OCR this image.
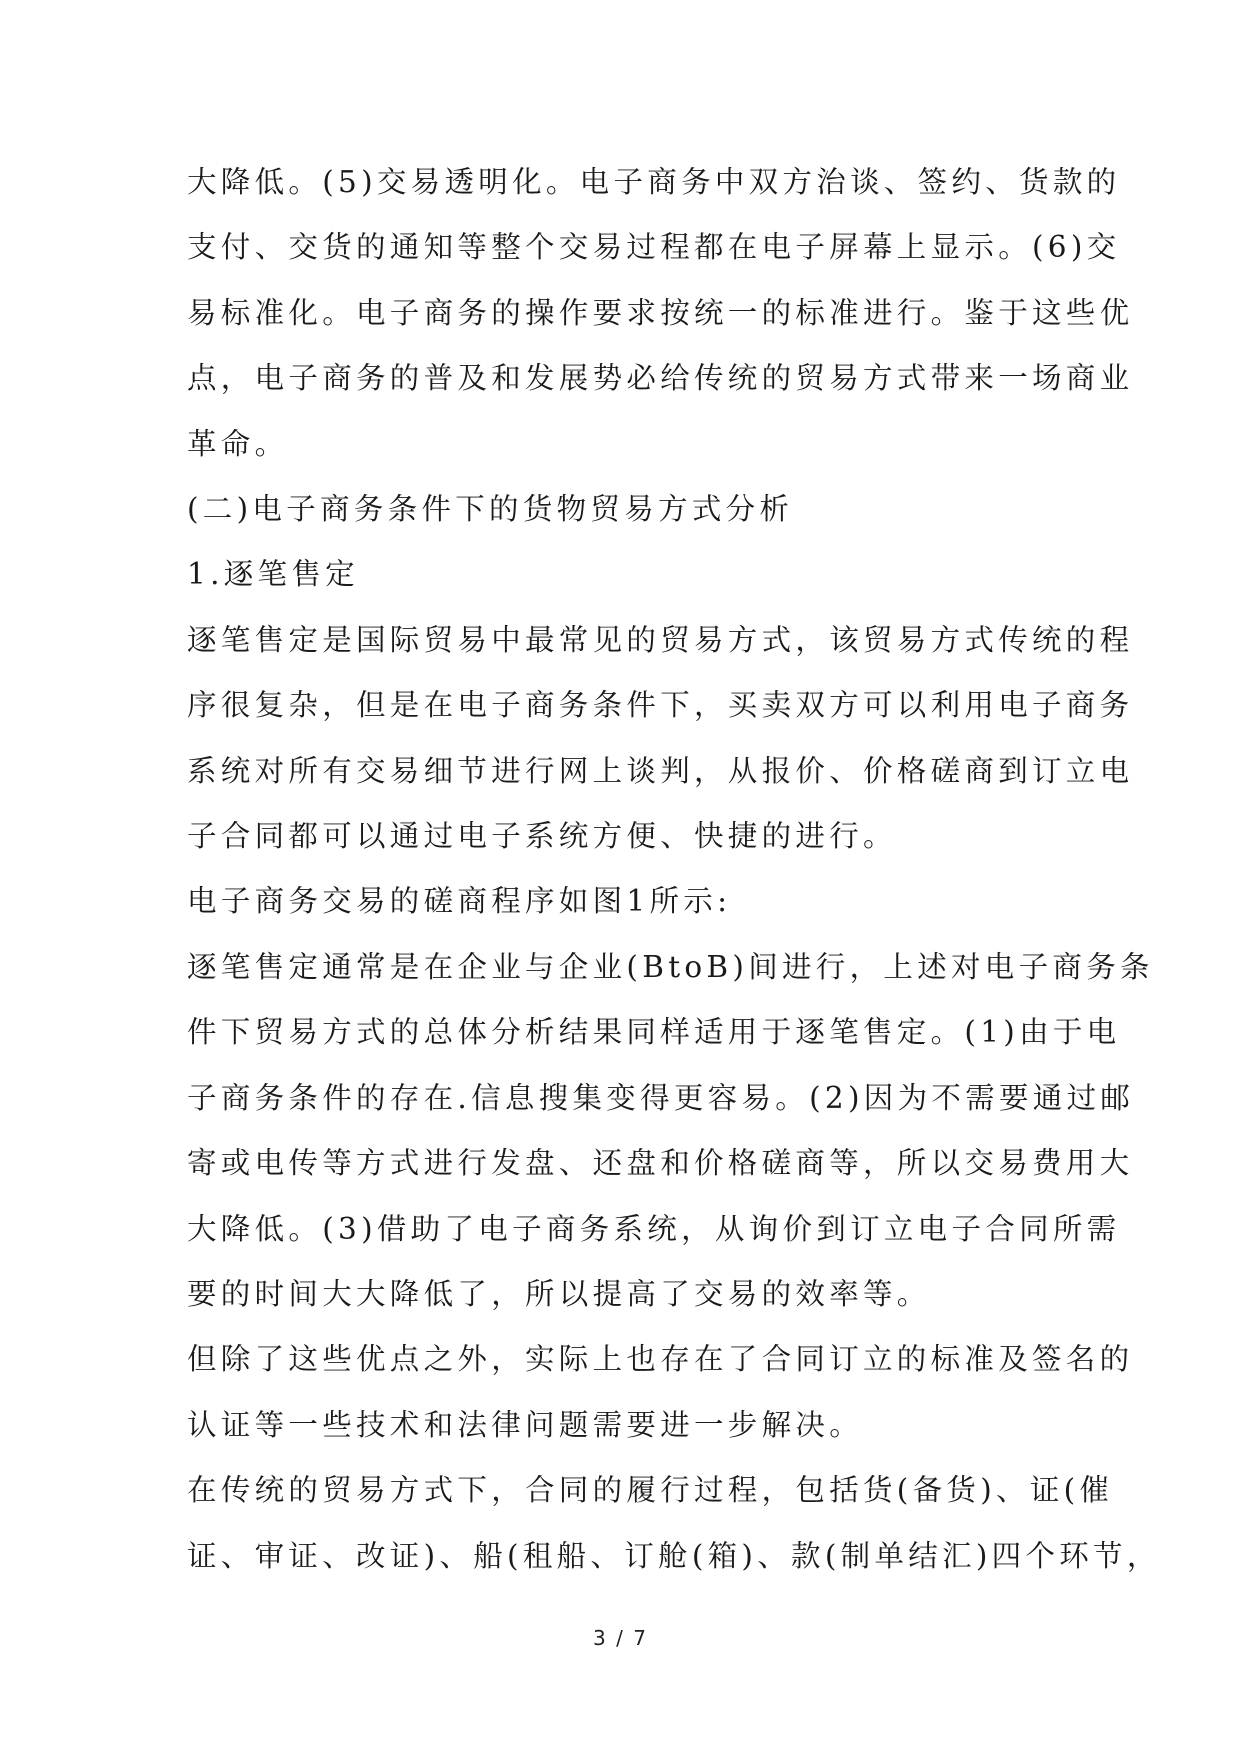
大降低。(5)交易透明化。电子商务中双方治谈、签约、货款的

支付、交货的通知等整个交易过程都在电子屏幕上显示。(6)交

易标准化。电子商务的操作要求按统一的标准进行。鉴于这些优

点，电子商务的普及和发展势必给传统的贸易方式带来一场商业

革命。

(二)电子商务条件下的货物贸易方式分析

1.逐笔售定

逐笔售定是国际贸易中最常见的贸易方式，该贸易方式传统的程

序很复杂，但是在电子商务条件下，买卖双方可以利用电子商务

系统对所有交易细节进行网上谈判，从报价、价格磋商到订立电

子合同都可以通过电子系统方便、快捷的进行。

电子商务交易的磋商程序如图1所示:

逐笔售定通常是在企业与企业(BtoB)间进行，上述对电子商务条

件下贸易方式的总体分析结果同样适用于逐笔售定。(1)由于电

子商务条件的存在.信息搜集变得更容易。(2)因为不需要通过邮

寄或电传等方式进行发盘、还盘和价格磋商等，所以交易费用大

大降低。(3)借助了电子商务系统，从询价到订立电子合同所需

要的时间大大降低了，所以提高了交易的效率等。

但除了这些优点之外，实际上也存在了合同订立的标准及签名的

认证等一些技术和法律问题需要进一步解决。

在传统的贸易方式下，合同的履行过程，包括货(备货)、证(催

证、审证、改证)、船(租船、订舱(箱)、款(制单结汇)四个环节，

3 / 7
